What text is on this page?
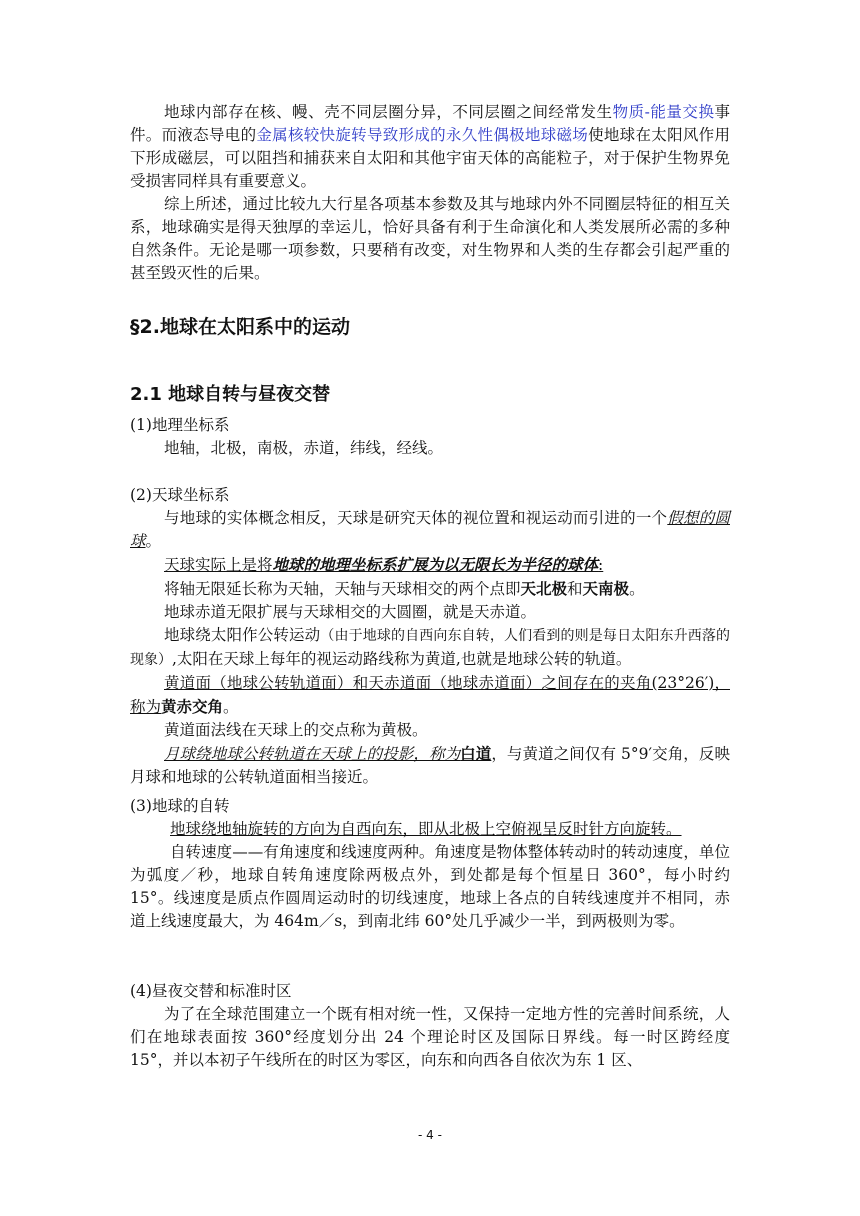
地球内部存在核、幔、壳不同层圈分异，不同层圈之间经常发生物质-能量交换事件。而液态导电的金属核较快旋转导致形成的永久性偶极地球磁场使地球在太阳风作用下形成磁层，可以阻挡和捕获来自太阳和其他宇宙天体的高能粒子，对于保护生物界免受损害同样具有重要意义。

综上所述，通过比较九大行星各项基本参数及其与地球内外不同圈层特征的相互关系，地球确实是得天独厚的幸运儿，恰好具备有利于生命演化和人类发展所必需的多种自然条件。无论是哪一项参数，只要稍有改变，对生物界和人类的生存都会引起严重的甚至毁灭性的后果。

§2.地球在太阳系中的运动
2.1 地球自转与昼夜交替

(1)地理坐标系

地轴，北极，南极，赤道，纬线，经线。

(2)天球坐标系

与地球的实体概念相反，天球是研究天体的视位置和视运动而引进的一个假想的圆球。

天球实际上是将地球的地理坐标系扩展为以无限长为半径的球体:

将轴无限延长称为天轴，天轴与天球相交的两个点即天北极和天南极。

地球赤道无限扩展与天球相交的大圆圈，就是天赤道。

地球绕太阳作公转运动（由于地球的自西向东自转，人们看到的则是每日太阳东升西落的现象）,太阳在天球上每年的视运动路线称为黄道,也就是地球公转的轨道。

黄道面（地球公转轨道面）和天赤道面（地球赤道面）之间存在的夹角(23°26′)，称为黄赤交角。

黄道面法线在天球上的交点称为黄极。

月球绕地球公转轨道在天球上的投影，称为白道，与黄道之间仅有 5°9′交角，反映月球和地球的公转轨道面相当接近。

(3)地球的自转

地球绕地轴旋转的方向为自西向东，即从北极上空俯视呈反时针方向旋转。

自转速度——有角速度和线速度两种。角速度是物体整体转动时的转动速度，单位为弧度／秒，地球自转角速度除两极点外，到处都是每个恒星日 360°，每小时约 15°。线速度是质点作圆周运动时的切线速度，地球上各点的自转线速度并不相同，赤道上线速度最大，为 464m／s，到南北纬 60°处几乎减少一半，到两极则为零。

(4)昼夜交替和标准时区

为了在全球范围建立一个既有相对统一性，又保持一定地方性的完善时间系统，人们在地球表面按 360°经度划分出 24 个理论时区及国际日界线。每一时区跨经度 15°，并以本初子午线所在的时区为零区，向东和向西各自依次为东 1 区、

- 4 -
